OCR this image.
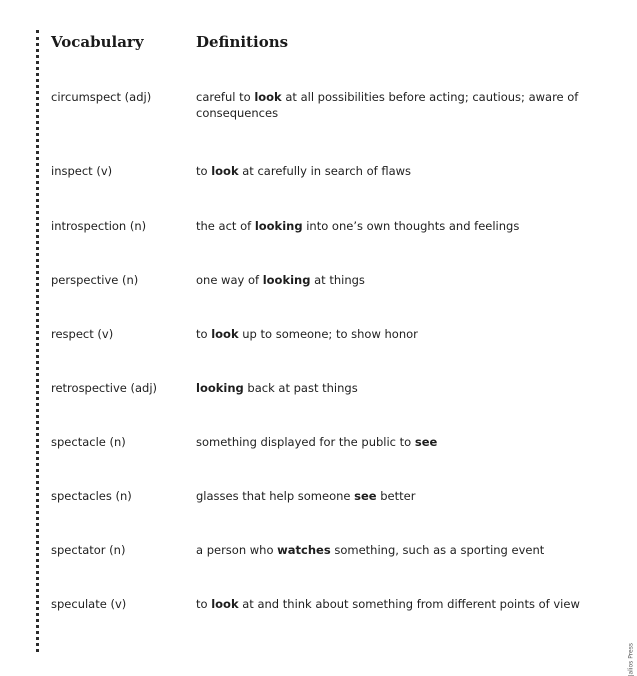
Vocabulary	Definitions
circumspect (adj)	careful to look at all possibilities before acting; cautious; aware of consequences
inspect (v)	to look at carefully in search of flaws
introspection (n)	the act of looking into one’s own thoughts and feelings
perspective (n)	one way of looking at things
respect (v)	to look up to someone; to show honor
retrospective (adj)	looking back at past things
spectacle (n)	something displayed for the public to see
spectacles (n)	glasses that help someone see better
spectator (n)	a person who watches something, such as a sporting event
speculate (v)	to look at and think about something from different points of view
Jalios Press
